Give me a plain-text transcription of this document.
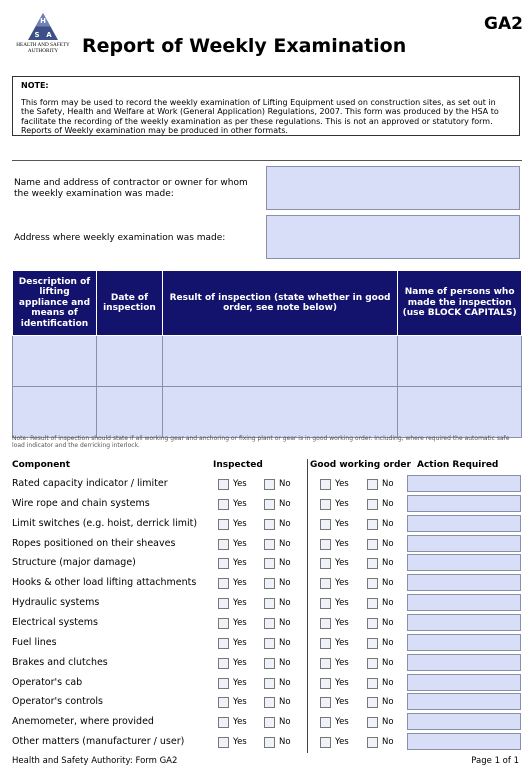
H
S A
HEALTH AND SAFETY AUTHORITY	Report of Weekly Examination
GA2
NOTE:
This form may be used to record the weekly examination of Lifting Equipment used on construction sites, as set out in the Safety, Health and Welfare at Work (General Application) Regulations, 2007. This form was produced by the HSA to facilitate the recording of the weekly examination as per these regulations. This is not an approved or statutory form. Reports of Weekly examination may be produced in other formats.
Name and address of contractor or owner for whom the weekly examination was made:
Address where weekly examination was made:
Description of lifting appliance and means of identification	Date of inspection	Result of inspection (state whether in good order, see note below)	Name of persons who made the inspection (use BLOCK CAPITALS)

Note: Result of inspection should state if all working gear and anchoring or fixing plant or gear is in good working order. Including, where required the automatic safe load indicator and the derricking interlock.
Component	Inspected	Good working order Action Required
Rated capacity indicator / limiter	Yes	No	Yes	No
Wire rope and chain systems	Yes	No	Yes	No
Limit switches (e.g. hoist, derrick limit)	Yes	No	Yes	No
Ropes positioned on their sheaves	Yes	No	Yes	No
Structure (major damage)	Yes	No	Yes	No
Hooks & other load lifting attachments	Yes	No	Yes	No
Hydraulic systems	Yes	No	Yes	No
Electrical systems	Yes	No	Yes	No
Fuel lines	Yes	No	Yes	No
Brakes and clutches	Yes	No	Yes	No
Operator's cab	Yes	No	Yes	No
Operator's controls	Yes	No	Yes	No
Anemometer, where provided	Yes	No	Yes	No
Other matters (manufacturer / user)	Yes	No	Yes	No
Health and Safety Authority: Form GA2	Page 1 of 1
